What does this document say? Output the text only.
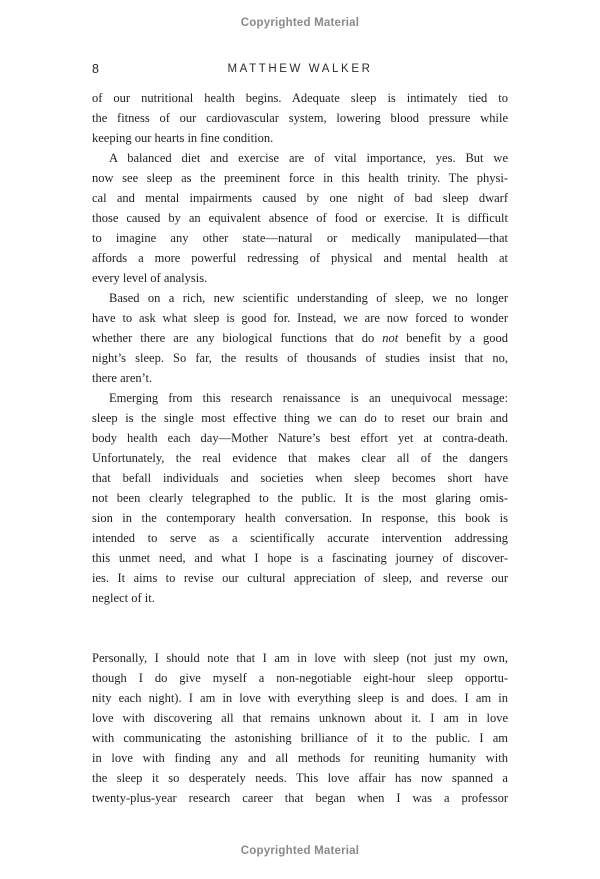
Copyrighted Material
8	MATTHEW WALKER
of our nutritional health begins. Adequate sleep is intimately tied to
the fitness of our cardiovascular system, lowering blood pressure while
keeping our hearts in fine condition.
A balanced diet and exercise are of vital importance, yes. But we
now see sleep as the preeminent force in this health trinity. The physi-
cal and mental impairments caused by one night of bad sleep dwarf
those caused by an equivalent absence of food or exercise. It is difficult
to imagine any other state—natural or medically manipulated—that
affords a more powerful redressing of physical and mental health at
every level of analysis.
Based on a rich, new scientific understanding of sleep, we no longer
have to ask what sleep is good for. Instead, we are now forced to wonder
whether there are any biological functions that do not benefit by a good
night’s sleep. So far, the results of thousands of studies insist that no,
there aren’t.
Emerging from this research renaissance is an unequivocal message:
sleep is the single most effective thing we can do to reset our brain and
body health each day—Mother Nature’s best effort yet at contra-death.
Unfortunately, the real evidence that makes clear all of the dangers
that befall individuals and societies when sleep becomes short have
not been clearly telegraphed to the public. It is the most glaring omis-
sion in the contemporary health conversation. In response, this book is
intended to serve as a scientifically accurate intervention addressing
this unmet need, and what I hope is a fascinating journey of discover-
ies. It aims to revise our cultural appreciation of sleep, and reverse our
neglect of it.
Personally, I should note that I am in love with sleep (not just my own,
though I do give myself a non-negotiable eight-hour sleep opportu-
nity each night). I am in love with everything sleep is and does. I am in
love with discovering all that remains unknown about it. I am in love
with communicating the astonishing brilliance of it to the public. I am
in love with finding any and all methods for reuniting humanity with
the sleep it so desperately needs. This love affair has now spanned a
twenty-plus-year research career that began when I was a professor
Copyrighted Material
